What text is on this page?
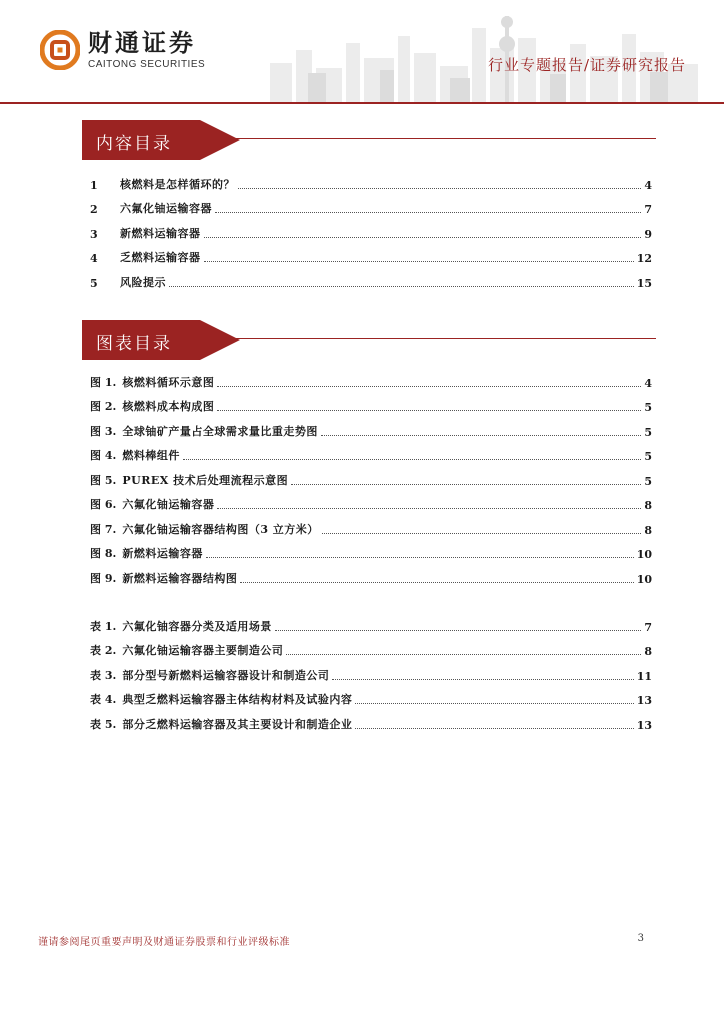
财通证券
CAITONG SECURITIES	行业专题报告/证券研究报告
内容目录
1	核燃料是怎样循环的？	4
2	六氟化铀运输容器	7
3	新燃料运输容器	9
4	乏燃料运输容器	12
5	风险提示	15
图表目录
图 1. 核燃料循环示意图	4
图 2. 核燃料成本构成图	5
图 3. 全球铀矿产量占全球需求量比重走势图	5
图 4. 燃料棒组件	5
图 5. PUREX 技术后处理流程示意图	5
图 6. 六氟化铀运输容器	8
图 7. 六氟化铀运输容器结构图（3 立方米）	8
图 8. 新燃料运输容器	10
图 9. 新燃料运输容器结构图	10
表 1. 六氟化铀容器分类及适用场景	7
表 2. 六氟化铀运输容器主要制造公司	8
表 3. 部分型号新燃料运输容器设计和制造公司	11
表 4. 典型乏燃料运输容器主体结构材料及试验内容	13
表 5. 部分乏燃料运输容器及其主要设计和制造企业	13
谨请参阅尾页重要声明及财通证券股票和行业评级标准	3
